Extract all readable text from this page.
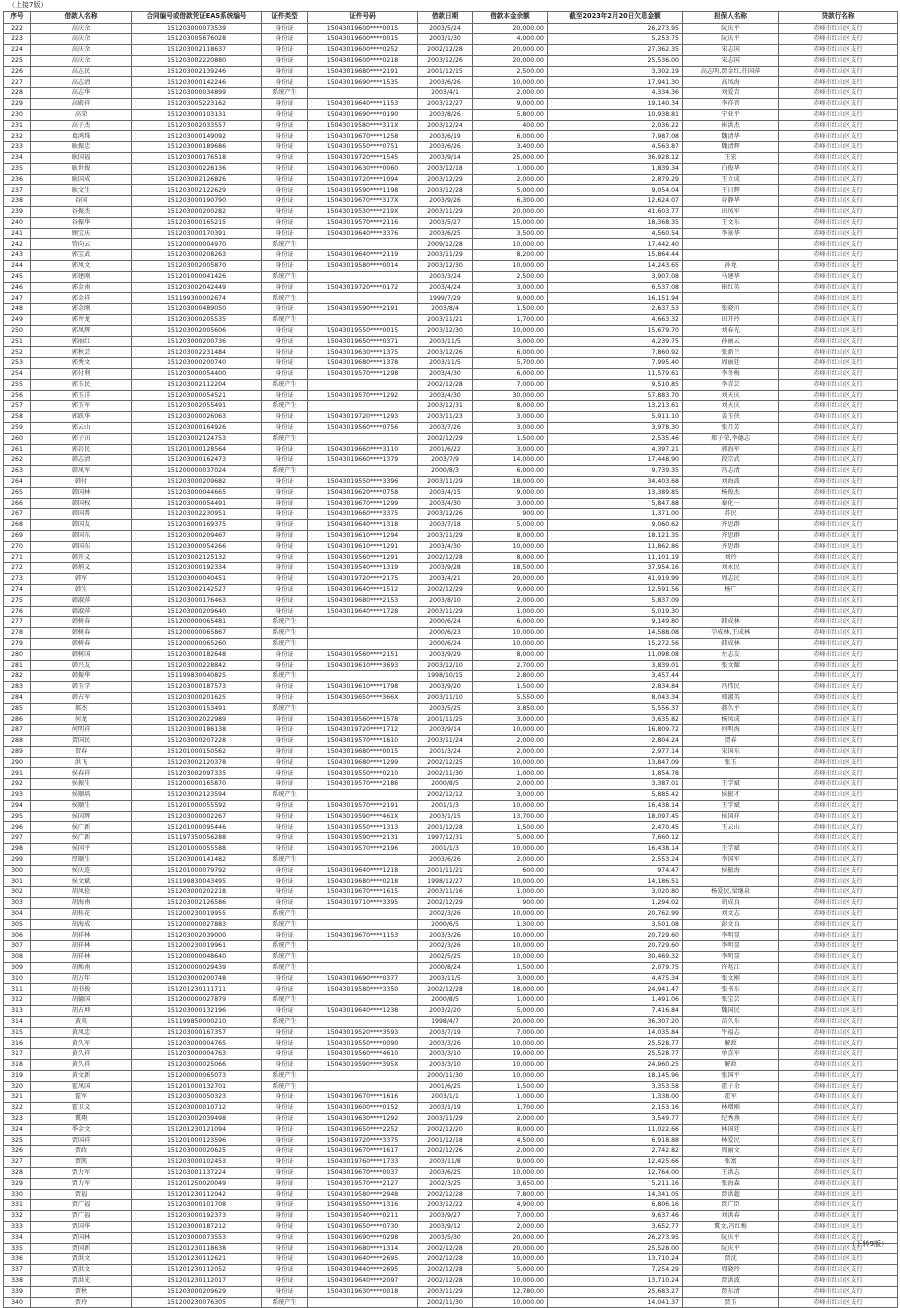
（上接7版）
序号	借款人名称	合同编号或借款凭证EAS系统编号	证件类型	证件号码	借款日期	借款本金余额	截至2023年2月20日欠息金额	担保人名称	贷款行名称
222	高庆余	151203000073539	身份证	15043019600****0015	2003/5/24	20,000.00	26,273.95	阮庆平	赤峰市红山区支行
223	高庆余	151203005676028	身份证	15043019600****0015	2003/1/30	4,000.00	5,253.75	阮庆平	赤峰市红山区支行
224	高庆余	151203002118637	身份证	15043019600****0252	2002/12/28	20,000.00	27,362.35	宋志国	赤峰市红山区支行
225	高庆余	151203002220880	身份证	15043019600****0218	2003/12/26	20,000.00	25,536.00	宋志国	赤峰市红山区支行
226	高志民	151203002139246	身份证	15043019680****2191	2001/12/15	2,500.00	3,302.19	高志明,贾金红,任国萍	赤峰市红山区支行
227	高志清	151203000142246	身份证	15043019690****1535	2003/6/26	10,000.00	17,941.30	高凤海	赤峰市红山区支行
228	高志华	151203000034899	系统产生		2003/4/1	2,000.00	4,334.36	刘爱青	赤峰市红山区支行
229	高殿祥	151203005223162	身份证	15043019640****1153	2003/12/27	9,000.00	19,140.34	李祥晋	赤峰市红山区支行
230	高荣	151203000103131	身份证	15043019690****0190	2003/8/26	5,800.00	10,938.81	宁亚平	赤峰市红山区支行
231	高子杰	151203002033557	身份证	15043019580****311X	2003/12/24	400.00	2,036.22	崔洪杰	赤峰市红山区支行
232	葛鸿珠	151203000149092	身份证	15043019670****1258	2003/6/19	6,000.00	7,987.08	魏清华	赤峰市红山区支行
233	耿振忠	151203000189686	身份证	15043019550****0751	2003/6/26	3,400.00	4,563.87	魏清辉	赤峰市红山区支行
234	耿国福	151203000176518	身份证	15043019720****1545	2003/9/14	25,000.00	36,928.12	王宏	赤峰市红山区支行
235	耿世俊	151203000226136	身份证	15043019630****0060	2003/12/18	1,000.00	1,839.34	白俊华	赤峰市红山区支行
236	耿国成	151203002126826	身份证	15043019720****1094	2003/12/29	2,000.00	2,879.29	王立成	赤峰市红山区支行
237	耿文生	151203002122629	身份证	15043019590****1198	2003/12/28	5,000.00	9,054.04	王日辉	赤峰市红山区支行
238	谷国	151203000190790	身份证	15043019670****317X	2003/9/26	6,300.00	12,624.07	谷静华	赤峰市红山区支行
239	谷振杰	151203000200282	身份证	15043019530****219X	2003/11/29	20,000.00	41,603.77	田凤军	赤峰市红山区支行
240	谷振华	151203000165215	身份证	15043019570****2116	2003/5/27	15,000.00	18,368.35	王文东	赤峰市红山区支行
241	顾宝庆	151203000170391	身份证	15043019640****3376	2003/6/25	3,500.00	4,560.54	李景华	赤峰市红山区支行
242	管向云	151200000004970	系统产生		2009/12/28	10,000.00	17,442.40		赤峰市红山区支行
243	郭宝武	151203000208263	身份证	15043019640****2119	2003/11/29	8,200.00	15,864.44		赤峰市红山区支行
244	郭凤文	151203002005870	身份证	15043019580****0014	2003/12/30	10,000.00	14,243.65	孙龙	赤峰市红山区支行
245	郭建刚	151201000041426	系统产生		2003/3/24	2,500.00	3,907.08	马建华	赤峰市红山区支行
246	郭金南	151203002042449	身份证	15043019720****0172	2003/4/24	3,000.00	6,537.08	崔红英	赤峰市红山区支行
247	郭金祥	151199300002674	系统产生		1999/7/29	9,000.00	16,151.94		赤峰市红山区支行
248	郭金刚	151203000489050	身份证	15043019590****2191	2003/8/4	1,500.00	2,637.53	张晓川	赤峰市红山区支行
249	郭井龙	151203000205535	系统产生		2003/11/21	1,700.00	4,663.32	田开玲	赤峰市红山区支行
250	郭凤辉	151203002005606	身份证	15043019550****0015	2003/12/30	10,000.00	15,679.70	刘春光	赤峰市红山区支行
251	郭丽红	151203000200736	身份证	15043019650****0371	2003/11/5	3,000.00	4,239.75	孙丽云	赤峰市红山区支行
252	郭秋芸	151203002231484	身份证	15043019630****1375	2003/12/26	6,000.00	7,860.92	张新兰	赤峰市红山区支行
253	郭秀文	151203000200740	身份证	15043019680****1378	2003/11/5	5,700.00	7,995.40	周丽廷	赤峰市红山区支行
254	郭付利	151203000054400	身份证	15043019570****1298	2003/4/30	6,000.00	11,579.61	李冬梅	赤峰市红山区支行
255	郭玉民	151203002112204	系统产生		2002/12/28	7,000.00	9,510.85	李青芸	赤峰市红山区支行
256	郭玉洋	151203000054521	身份证	15043019570****1292	2003/4/30	30,000.00	57,883.70	刘天庆	赤峰市红山区支行
257	郭玉军	151203002055491	系统产生		2003/12/31	8,000.00	13,213.61	刘天庆	赤峰市红山区支行
258	郭跃华	151203000026063	身份证	15043019720****1293	2003/11/23	3,000.00	5,911.10	姜玉侠	赤峰市红山区支行
259	郭云山	151203000164926	身份证	15043019560****0756	2003/7/26	3,000.00	3,978.30	张月芳	赤峰市红山区支行
260	郭子田	151203002124753	系统产生		2002/12/29	1,500.00	2,535.46	郑子荣,李德志	赤峰市红山区支行
261	郭岩民	151201000128564	身份证	15043019660****3110	2001/6/22	3,000.00	4,397.21	郭海军	赤峰市红山区支行
262	韩志清	151203000162473	身份证	15043019660****1379	2003/7/9	14,000.00	17,448.90	段宗武	赤峰市红山区支行
263	韩凤军	151200000037024	系统产生		2000/8/3	6,000.00	9,739.35	冯志清	赤峰市红山区支行
264	韩付	151203000209682	身份证	15043019550****3396	2003/11/29	18,000.00	34,403.68	刘海波	赤峰市红山区支行
265	韩国林	151203000044665	身份证	15043019620****0758	2003/4/15	9,000.00	13,389.85	杨俊杰	赤峰市红山区支行
266	韩国权	151203000054491	身份证	15043019670****1299	2003/4/30	3,000.00	5,847.88	秦化一	赤峰市红山区支行
267	韩国普	151203002230951	身份证	15043019660****3375	2003/12/26	900.00	1,371.00	苏民	赤峰市红山区支行
268	韩国友	151203000169375	身份证	15043019640****1318	2003/7/18	5,000.00	9,060.62	齐思群	赤峰市红山区支行
269	韩国东	151203000209467	身份证	15043019610****1294	2003/11/29	8,000.00	18,121.35	齐思群	赤峰市红山区支行
270	韩国东	151203000054266	身份证	15043019610****1291	2003/4/30	10,000.00	11,862.86	齐思群	赤峰市红山区支行
271	韩开义	151203002125132	身份证	15043019560****1291	2002/12/28	8,000.00	11,101.19	刘玲	赤峰市红山区支行
272	韩炳义	151203000192334	身份证	15043019540****1319	2003/9/28	18,500.00	37,954.16	刘永民	赤峰市红山区支行
273	韩军	151203000040451	身份证	15043019720****2175	2003/4/21	20,000.00	41,919.99	周志民	赤峰市红山区支行
274	韩生	151203002142527	身份证	15043019640****1512	2002/12/29	9,000.00	12,591.56	杨广	赤峰市红山区支行
275	韩淑萍	151203000176463	身份证	15043019680****2153	2003/8/10	2,000.00	5,837.09		赤峰市红山区支行
276	韩淑萍	151203000209640	身份证	15043019640****1728	2003/11/29	1,000.00	5,019.30		赤峰市红山区支行
277	韩树春	151200000065481	系统产生		2000/6/24	6,000.00	9,149.80	韩成林	赤峰市红山区支行
278	韩树春	151200000065867	系统产生		2000/6/23	10,000.00	14,588.08	孕成林,王成林	赤峰市红山区支行
279	韩树春	151200000065260	系统产生		2000/6/24	10,000.00	15,272.56	韩成林	赤峰市红山区支行
280	韩树国	151203000182648	身份证	15043019560****2151	2003/9/29	8,000.00	11,098.08	左志友	赤峰市红山区支行
281	韩兴友	151203000228842	身份证	15043019610****3693	2003/12/10	2,700.00	3,839.01	张文耀	赤峰市红山区支行
282	韩振华	151199830040825	系统产生		1998/10/15	2,800.00	3,457.44		赤峰市红山区支行
283	韩玉学	151203000187573	身份证	15043019610****1798	2003/9/20	1,500.00	2,834.84	冯伟民	赤峰市红山区支行
284	韩占军	151203000201625	身份证	15043019650****366X	2003/11/10	5,550.00	8,043.34	邢淑英	赤峰市红山区支行
285	郝杰	151203000153491	系统产生		2003/5/25	3,850.00	5,556.37	郝久平	赤峰市红山区支行
286	何龙	151203002022989	身份证	15043019560****1578	2001/11/25	3,000.00	3,635.82	杨凤成	赤峰市红山区支行
287	何明祥	151203000186138	身份证	15043019720****1712	2003/9/14	10,000.00	16,809.72	何明海	赤峰市红山区支行
288	贺国民	151203000207228	身份证	15043019570****1610	2003/11/24	2,000.00	2,804.24	贺春	赤峰市红山区支行
289	贺春	151201000150562	身份证	15043019680****0015	2001/3/24	2,000.00	2,977.14	宋国东	赤峰市红山区支行
290	洪飞	151203002120378	身份证	15043019680****1299	2002/12/25	10,000.00	13,847.09	张玉	赤峰市红山区支行
291	侯春祥	151203002097335	身份证	15043019550****0210	2002/11/30	1,000.00	1,854.78		赤峰市红山区支行
292	侯振生	151200000165870	身份证	15043019570****2186	2000/8/5	2,000.00	3,387.01	王学斌	赤峰市红山区支行
293	侯顺培	151203002123594	系统产生		2002/12/12	3,000.00	5,885.42	侯振才	赤峰市红山区支行
294	侯顺生	151201000055592	身份证	15043019570****2191	2001/1/3	10,000.00	16,438.14	王学斌	赤峰市红山区支行
295	侯国辉	151203000002267	身份证	15043019590****461X	2003/1/15	13,700.00	18,097.45	侯国祥	赤峰市红山区支行
296	侯广新	151201000095446	身份证	15043019550****1313	2001/12/28	1,500.00	2,470.45	王云山	赤峰市红山区支行
297	侯广新	151197350056288	身份证	15043019590****2131	1997/12/31	5,000.00	7,660.12		赤峰市红山区支行
298	侯国平	151201000055588	身份证	15043019570****2196	2001/1/3	10,000.00	16,438.14	王学斌	赤峰市红山区支行
299	厚顺生	151203000141482	系统产生		2003/6/26	2,000.00	2,553.24	李国军	赤峰市红山区支行
300	侯庆连	151201000079792	身份证	15043019640****1218	2001/11/21	600.00	974.47	侯振海	赤峰市红山区支行
301	侯文斌	151199830043495	身份证	15043019680****0218	1998/12/27	10,000.00	14,186.51		赤峰市红山区支行
302	胡凤俭	151203000202218	身份证	15043019670****1615	2003/11/16	1,000.00	3,020.80	杨爱民,梁继泉	赤峰市红山区支行
303	胡海南	151203002126586	身份证	15043019710****3395	2002/12/29	900.00	1,294.02	胡成良	赤峰市红山区支行
304	胡桂花	151200230019955	系统产生		2002/3/26	10,000.00	20,762.99	刘文志	赤峰市红山区支行
305	胡海成	151200000027883	系统产生		2000/6/5	1,300.00	3,501.08	彭文良	赤峰市红山区支行
306	胡祥林	151203002039000	身份证	15043019670****1153	2003/3/26	10,000.00	20,729.60	李明显	赤峰市红山区支行
307	胡祥林	151200230019961	系统产生		2002/3/26	10,000.00	20,729.60	李明显	赤峰市红山区支行
308	胡祥林	151200000048640	系统产生		2002/5/25	10,000.00	30,469.32	李明显	赤峰市红山区支行
309	胡焕南	151200000029439	系统产生		2000/8/24	1,500.00	2,079.75	许兆江	赤峰市红山区支行
310	胡万年	151203000200748	身份证	15043019690****0377	2003/11/5	3,000.00	4,475.34	张文刚	赤峰市红山区支行
311	胡书俊	151201230111711	身份证	15043019580****3350	2002/12/28	18,000.00	24,941.47	张书东	赤峰市红山区支行
312	胡德国	151200000027879	系统产生		2000/8/5	1,000.00	1,491.06	张宝芸	赤峰市红山区支行
313	胡占坤	151203000132196	身份证	15043019640****1238	2003/2/20	5,000.00	7,416.84	魏国民	赤峰市红山区支行
314	黄英	151199850000210	系统产生		1998/4/7	20,000.00	36,307.20	苗久东	赤峰市红山区支行
315	黄凤忠	151203000167357	身份证	15043019520****3593	2003/7/19	7,000.00	14,035.84	牛福志	赤峰市红山区支行
316	黄久军	151203000004765	身份证	15043019550****0090	2003/3/26	10,000.00	25,528.77	解政	赤峰市红山区支行
317	黄久祥	151203000004763	身份证	15043019560****4610	2003/3/10	19,000.00	25,528.77	单喜军	赤峰市红山区支行
318	黄久祥	151203000025066	身份证	15043019590****395X	2003/3/10	10,000.00	24,960.25	解政	赤峰市红山区支行
319	黄文新	151200000065073	系统产生		2000/11/30	10,000.00	18,145.96	张国平	赤峰市红山区支行
320	霍凤国	151201000132701	系统产生		2001/6/25	1,500.00	3,353.58	霍子余	赤峰市红山区支行
321	霍军	151203000050323	身份证	15043019670****1616	2003/1/1	1,000.00	1,338.00	霍军	赤峰市红山区支行
322	霍卫义	151203000010712	身份证	15043019600****0152	2003/1/19	1,700.00	2,153.16	林增刚	赤峰市红山区支行
323	冀翔	151203002039498	身份证	15043019630****1292	2003/11/29	2,000.00	3,549.77	纪秀燕	赤峰市红山区支行
324	季金文	151201230121094	身份证	15043019650****2252	2002/12/20	8,000.00	11,022.66	林国廷	赤峰市红山区支行
325	贾国祥	151201000123596	身份证	15043019720****3375	2001/12/18	4,500.00	6,918.88	林爱民	赤峰市红山区支行
326	贾政	151203000020625	身份证	15043019670****1617	2002/12/26	2,000.00	2,742.82	周丽文	赤峰市红山区支行
327	贾凯	151203000102453	身份证	15043019760****1733	2003/11/8	9,000.00	12,425.66	张富	赤峰市红山区支行
328	贾力军	151203001137224	身份证	15043019670****0037	2003/6/25	10,000.00	12,764.00	王洪志	赤峰市红山区支行
329	贾力军	151201250020049	身份证	15043019570****2127	2002/3/25	3,650.00	5,211.16	张海森	赤峰市红山区支行
330	贾福	151201230112042	身份证	15043019580****2948	2002/12/28	7,800.00	14,341.05	贾洪超	赤峰市红山区支行
331	贾广福	151203000101708	身份证	15043019550****1316	2003/12/22	4,900.00	6,806.16	贾广臣	赤峰市红山区支行
332	贾广福	151203000192373	身份证	15043019540****0211	2003/9/27	7,000.00	9,637.46	刘洪春	赤峰市红山区支行
333	贾国华	151203000187212	身份证	15043019650****0730	2003/9/12	2,000.00	3,652.77	冀文,冯红梅	赤峰市红山区支行
334	贾国林	151203000073553	身份证	15043019690****0298	2003/5/30	20,000.00	26,273.95	阮庆平	赤峰市红山区支行
335	贾国新	151201230118638	身份证	15043019680****1314	2002/12/28	20,000.00	25,528.00	阮庆平	赤峰市红山区支行
336	贾洪文	151201230112621	身份证	15043019640****2695	2002/12/28	10,000.00	13,710.24	贾沈	赤峰市红山区支行
337	贾洪文	151201230112052	身份证	15043019440****2695	2002/12/28	5,000.00	7,254.29	周晓玲	赤峰市红山区支行
338	贾洪光	151201230112017	身份证	15043019640****2097	2002/12/28	10,000.00	13,710.24	贾洪波	赤峰市红山区支行
339	贾秋	151203000209629	身份证	15043019630****0018	2003/11/29	12,780.00	25,683.27	贾东清	赤峰市红山区支行
340	贾玲	151200230076305	系统产生		2002/11/30	10,000.00	14,041.37	贾玉	赤峰市红山区支行
（下转9版）
